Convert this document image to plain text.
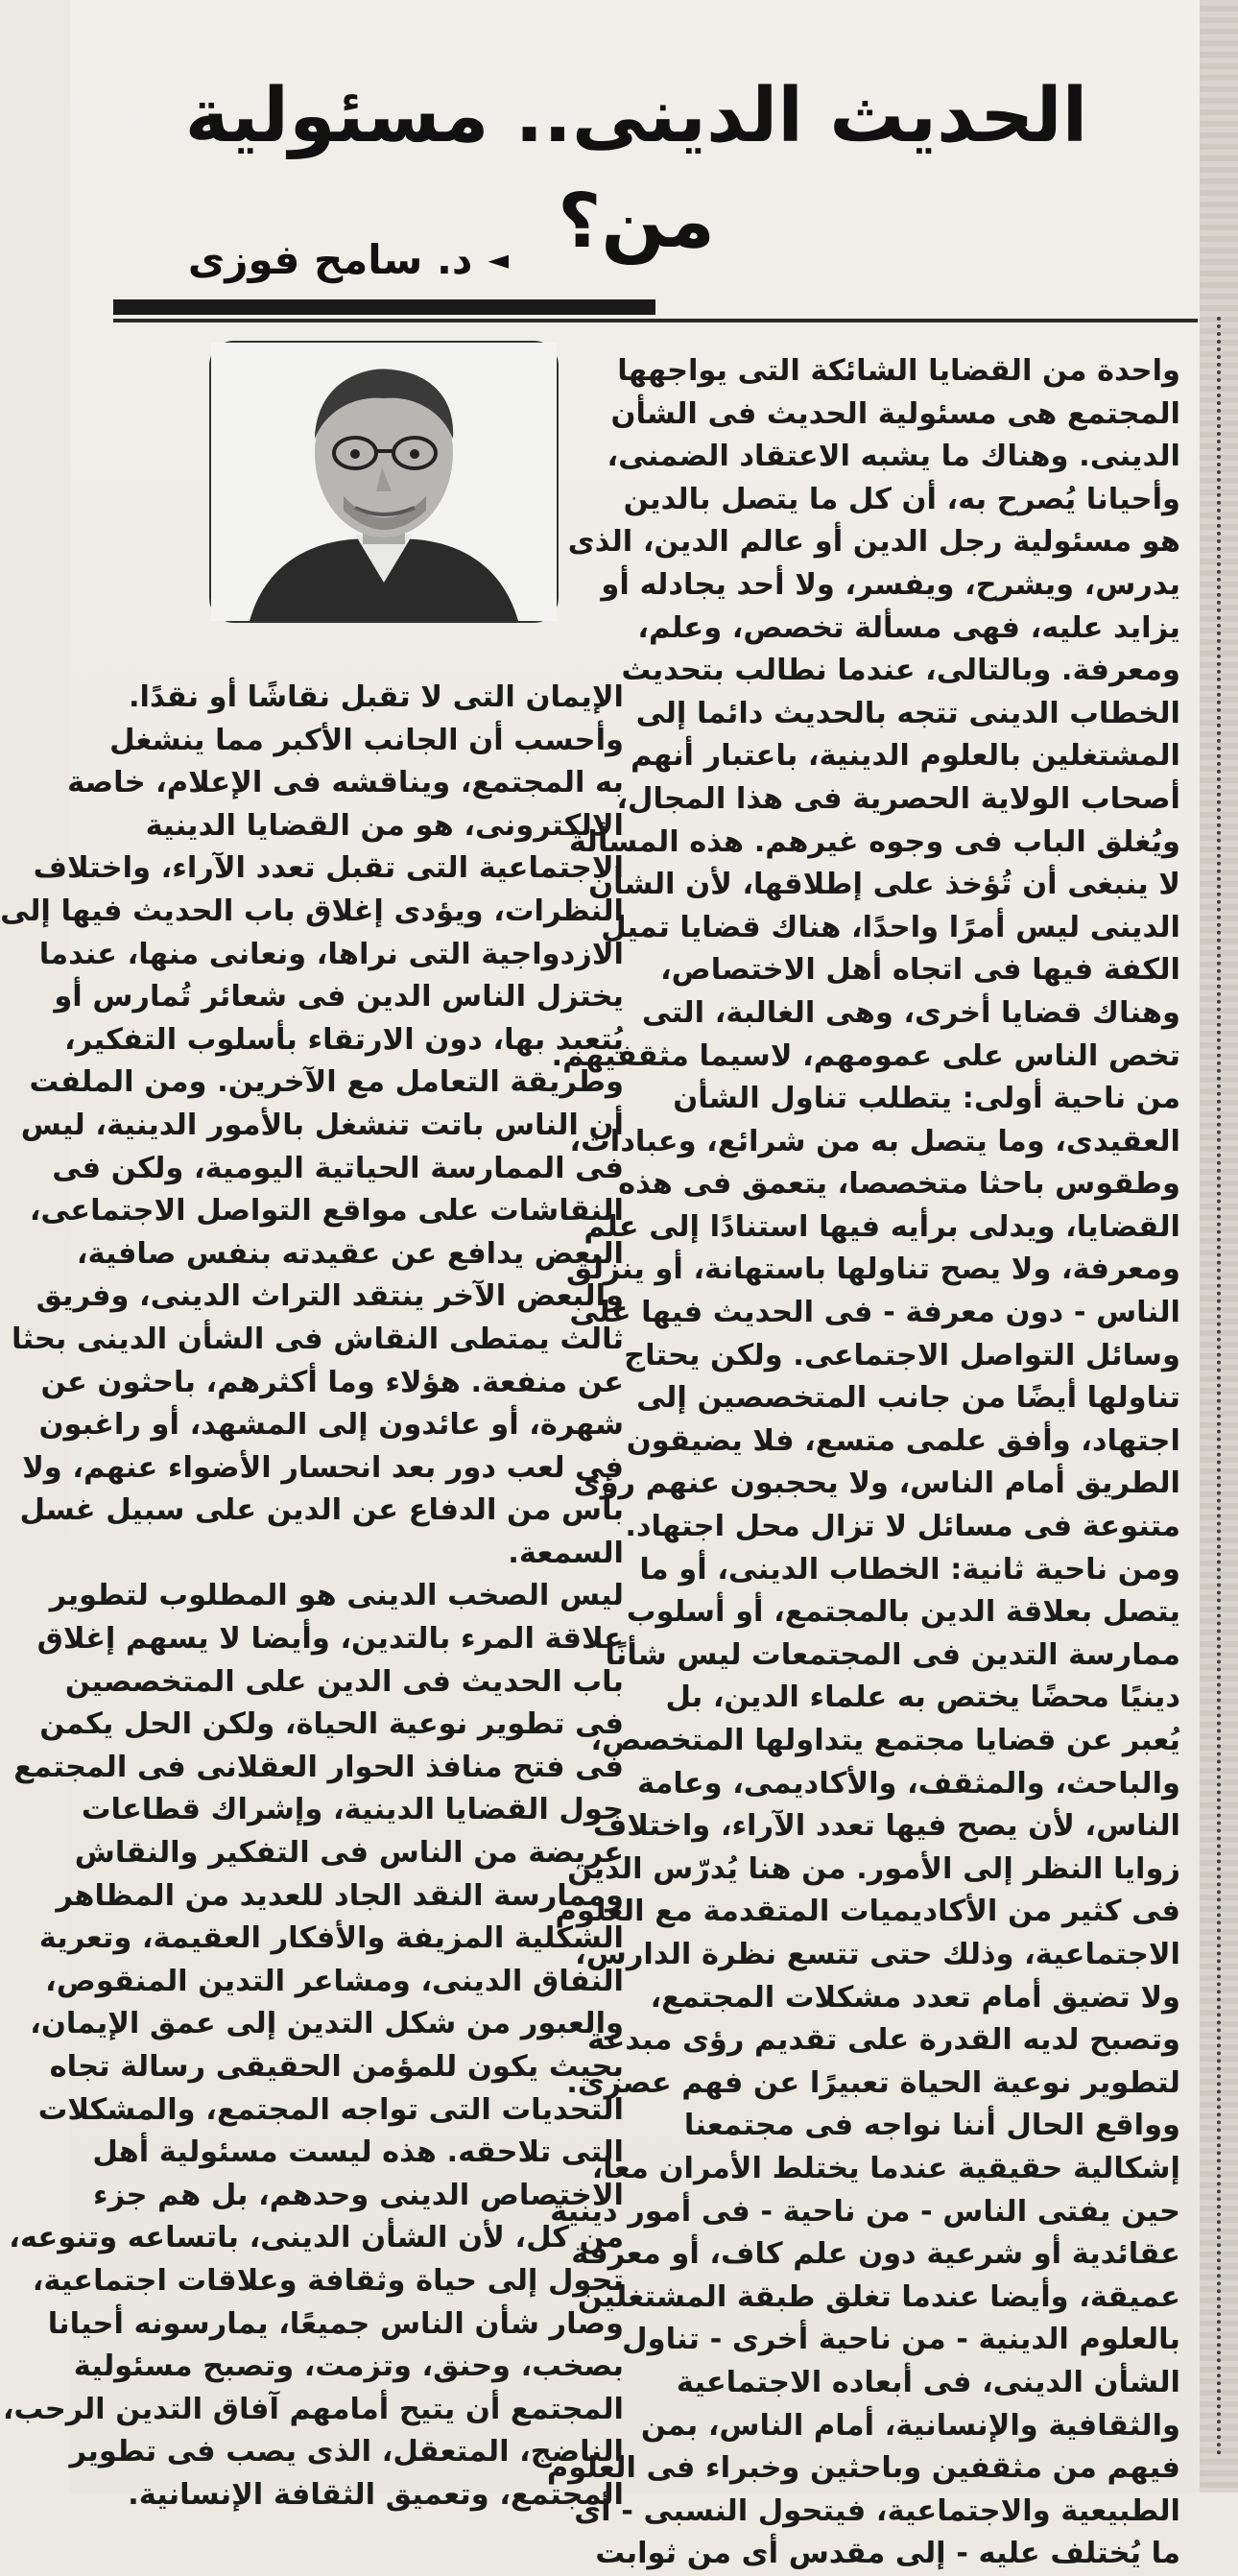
الحديث الدينى.. مسئولية من؟
◄
د. سامح فوزى

واحدة من القضايا الشائكة التى يواجهها
المجتمع هى مسئولية الحديث فى الشأن
الدينى. وهناك ما يشبه الاعتقاد الضمنى،
وأحيانا يُصرح به، أن كل ما يتصل بالدين
هو مسئولية رجل الدين أو عالم الدين، الذى
يدرس، ويشرح، ويفسر، ولا أحد يجادله أو
يزايد عليه، فهى مسألة تخصص، وعلم،
ومعرفة. وبالتالى، عندما نطالب بتحديث
الخطاب الدينى تتجه بالحديث دائما إلى
المشتغلين بالعلوم الدينية، باعتبار أنهم
أصحاب الولاية الحصرية فى هذا المجال،
ويُغلق الباب فى وجوه غيرهم. هذه المسألة
لا ينبغى أن تُؤخذ على إطلاقها، لأن الشأن
الدينى ليس أمرًا واحدًا، هناك قضايا تميل
الكفة فيها فى اتجاه أهل الاختصاص،
وهناك قضايا أخرى، وهى الغالبة، التى
تخص الناس على عمومهم، لاسيما مثقفيهم.
من ناحية أولى: يتطلب تناول الشأن
العقيدى، وما يتصل به من شرائع، وعبادات،
وطقوس باحثا متخصصا، يتعمق فى هذه
القضايا، ويدلى برأيه فيها استنادًا إلى علم
ومعرفة، ولا يصح تناولها باستهانة، أو ينزلق
الناس - دون معرفة - فى الحديث فيها على
وسائل التواصل الاجتماعى. ولكن يحتاج
تناولها أيضًا من جانب المتخصصين إلى
اجتهاد، وأفق علمى متسع، فلا يضيقون
الطريق أمام الناس، ولا يحجبون عنهم رؤى
متنوعة فى مسائل لا تزال محل اجتهاد.
ومن ناحية ثانية: الخطاب الدينى، أو ما
يتصل بعلاقة الدين بالمجتمع، أو أسلوب
ممارسة التدين فى المجتمعات ليس شأنًا
دينيًا محضًا يختص به علماء الدين، بل
يُعبر عن قضايا مجتمع يتداولها المتخصص،
والباحث، والمثقف، والأكاديمى، وعامة
الناس، لأن يصح فيها تعدد الآراء، واختلاف
زوايا النظر إلى الأمور. من هنا يُدرّس الدين
فى كثير من الأكاديميات المتقدمة مع العلوم
الاجتماعية، وذلك حتى تتسع نظرة الدارس،
ولا تضيق أمام تعدد مشكلات المجتمع،
وتصبح لديه القدرة على تقديم رؤى مبدعة
لتطوير نوعية الحياة تعبيرًا عن فهم عصرى.
وواقع الحال أننا نواجه فى مجتمعنا
إشكالية حقيقية عندما يختلط الأمران معا،
حين يفتى الناس - من ناحية - فى أمور دينية
عقائدية أو شرعية دون علم كاف، أو معرفة
عميقة، وأيضا عندما تغلق طبقة المشتغلين
بالعلوم الدينية - من ناحية أخرى - تناول
الشأن الدينى، فى أبعاده الاجتماعية
والثقافية والإنسانية، أمام الناس، بمن
فيهم من مثقفين وباحثين وخبراء فى العلوم
الطبيعية والاجتماعية، فيتحول النسبى - أى
ما يُختلف عليه - إلى مقدس أى من ثوابت

الإيمان التى لا تقبل نقاشًا أو نقدًا.
وأحسب أن الجانب الأكبر مما ينشغل
به المجتمع، ويناقشه فى الإعلام، خاصة
الالكترونى، هو من القضايا الدينية
الاجتماعية التى تقبل تعدد الآراء، واختلاف
النظرات، ويؤدى إغلاق باب الحديث فيها إلى
الازدواجية التى نراها، ونعانى منها، عندما
يختزل الناس الدين فى شعائر تُمارس أو
يُتعبد بها، دون الارتقاء بأسلوب التفكير،
وطريقة التعامل مع الآخرين. ومن الملفت
أن الناس باتت تنشغل بالأمور الدينية، ليس
فى الممارسة الحياتية اليومية، ولكن فى
النقاشات على مواقع التواصل الاجتماعى،
البعض يدافع عن عقيدته بنفس صافية،
والبعض الآخر ينتقد التراث الدينى، وفريق
ثالث يمتطى النقاش فى الشأن الدينى بحثا
عن منفعة. هؤلاء وما أكثرهم، باحثون عن
شهرة، أو عائدون إلى المشهد، أو راغبون
فى لعب دور بعد انحسار الأضواء عنهم، ولا
بأس من الدفاع عن الدين على سبيل غسل
السمعة.
ليس الصخب الدينى هو المطلوب لتطوير
علاقة المرء بالتدين، وأيضا لا يسهم إغلاق
باب الحديث فى الدين على المتخصصين
فى تطوير نوعية الحياة، ولكن الحل يكمن
فى فتح منافذ الحوار العقلانى فى المجتمع
حول القضايا الدينية، وإشراك قطاعات
عريضة من الناس فى التفكير والنقاش
وممارسة النقد الجاد للعديد من المظاهر
الشكلية المزيفة والأفكار العقيمة، وتعرية
النفاق الدينى، ومشاعر التدين المنقوص،
والعبور من شكل التدين إلى عمق الإيمان،
بحيث يكون للمؤمن الحقيقى رسالة تجاه
التحديات التى تواجه المجتمع، والمشكلات
التى تلاحقه. هذه ليست مسئولية أهل
الاختصاص الدينى وحدهم، بل هم جزء
من كل، لأن الشأن الدينى، باتساعه وتنوعه،
تحول إلى حياة وثقافة وعلاقات اجتماعية،
وصار شأن الناس جميعًا، يمارسونه أحيانا
بصخب، وحنق، وتزمت، وتصبح مسئولية
المجتمع أن يتيح أمامهم آفاق التدين الرحب،
الناضج، المتعقل، الذى يصب فى تطوير
المجتمع، وتعميق الثقافة الإنسانية.
